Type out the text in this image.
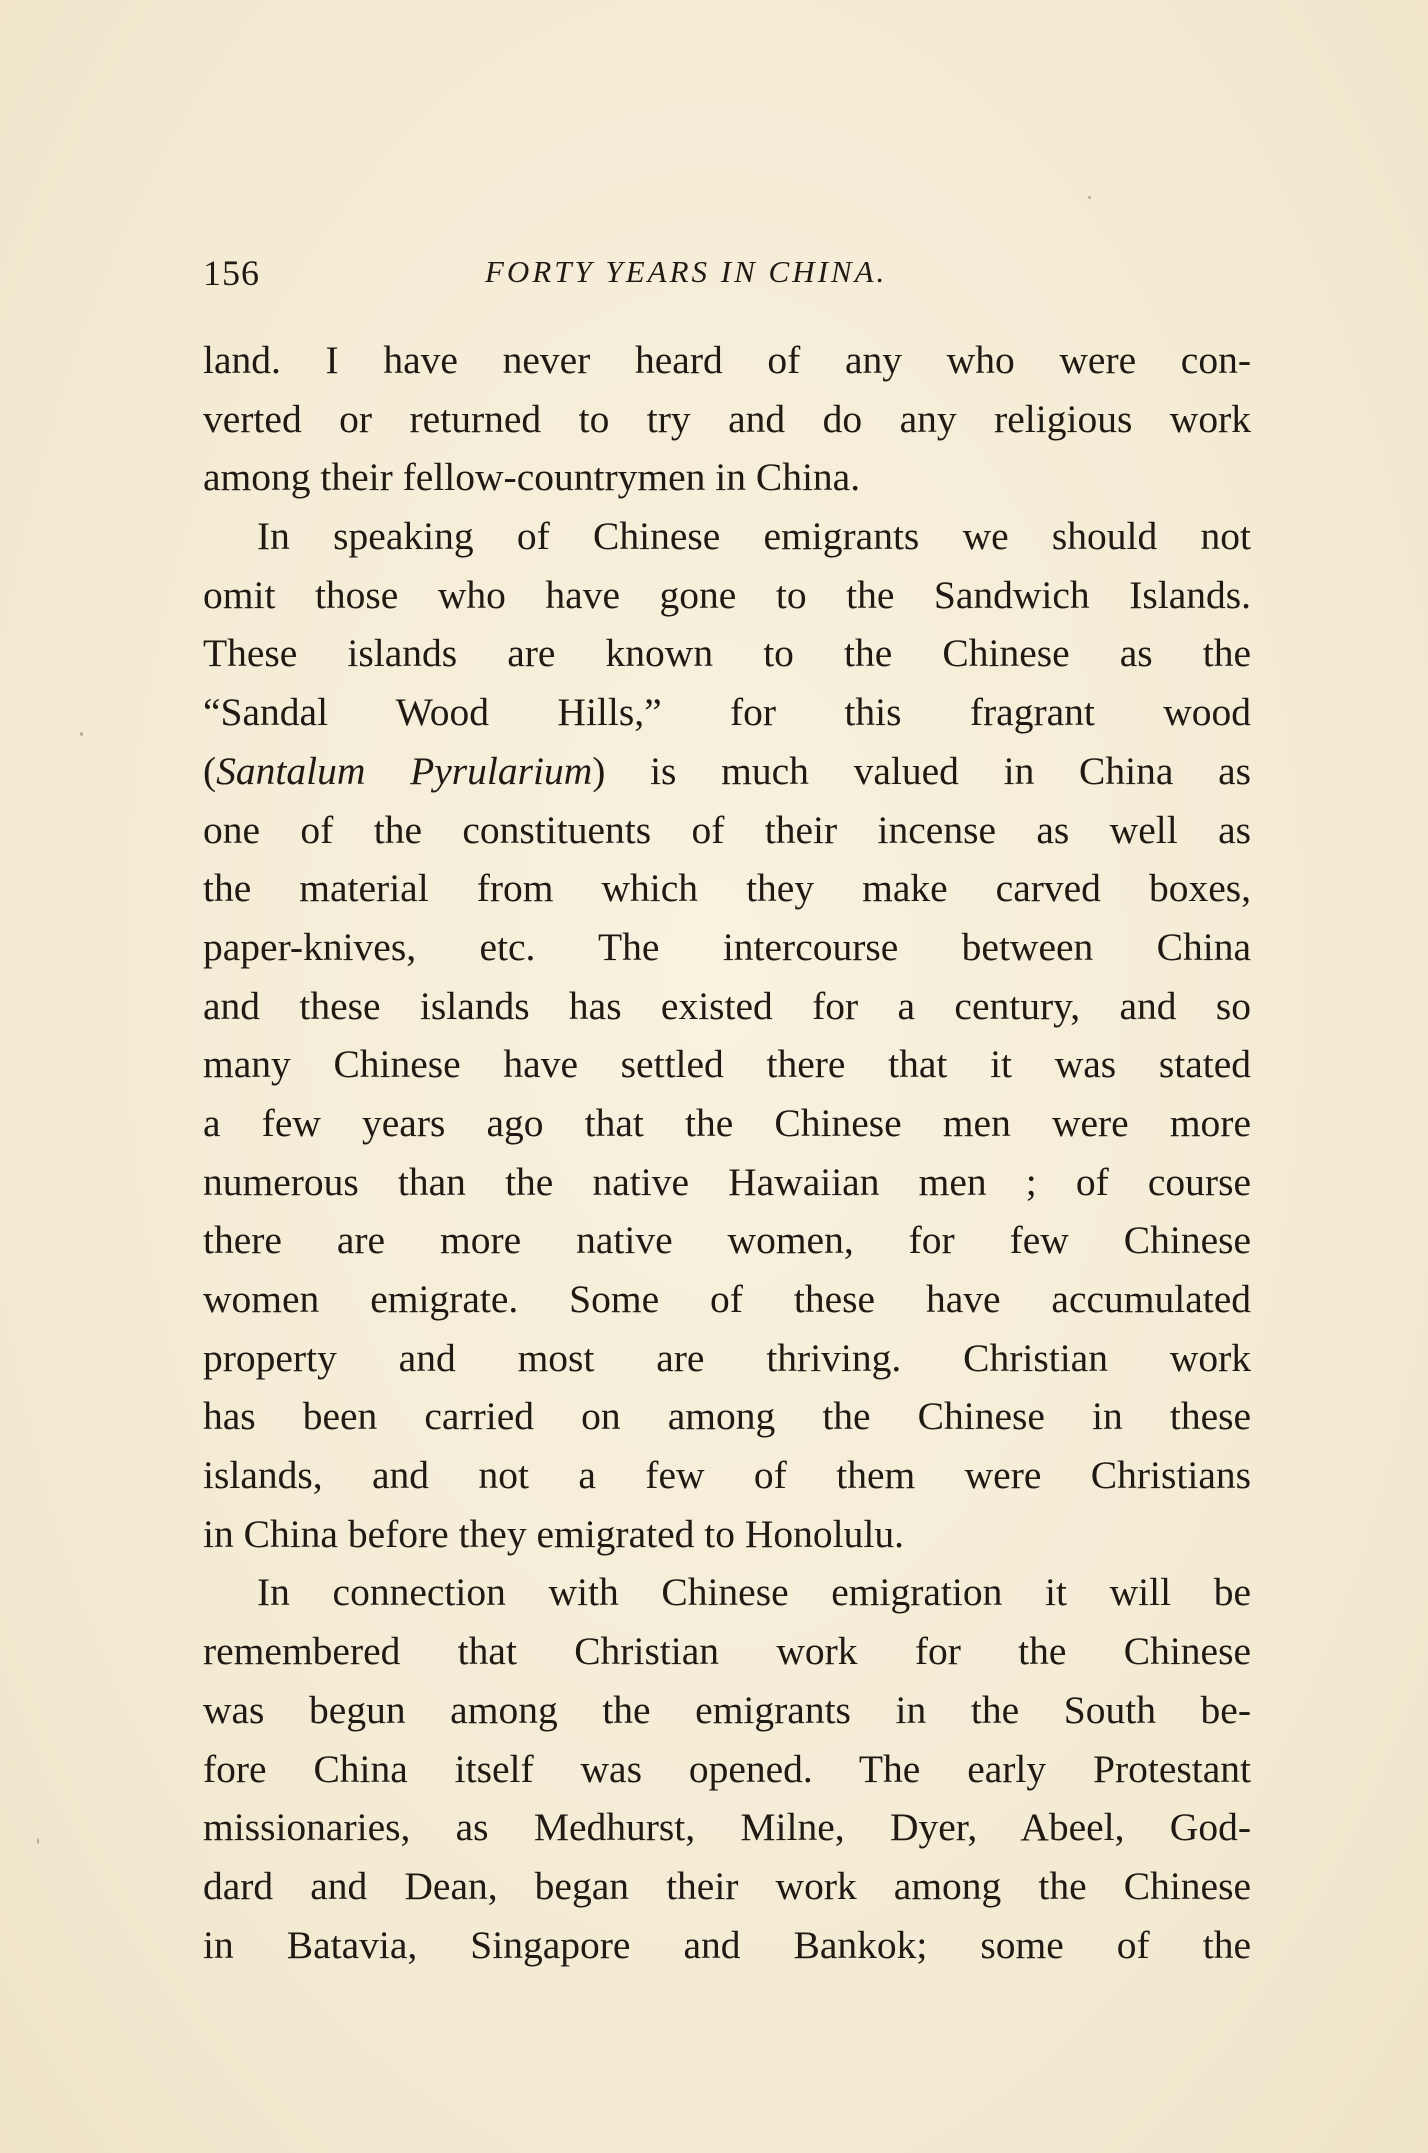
156	FORTY YEARS IN CHINA.
land. I have never heard of any who were con-
verted or returned to try and do any religious work
among their fellow-countrymen in China.
In speaking of Chinese emigrants we should not
omit those who have gone to the Sandwich Islands.
These islands are known to the Chinese as the
“Sandal Wood Hills,” for this fragrant wood
(Santalum Pyrularium) is much valued in China as
one of the constituents of their incense as well as
the material from which they make carved boxes,
paper-knives, etc. The intercourse between China
and these islands has existed for a century, and so
many Chinese have settled there that it was stated
a few years ago that the Chinese men were more
numerous than the native Hawaiian men ; of course
there are more native women, for few Chinese
women emigrate. Some of these have accumulated
property and most are thriving. Christian work
has been carried on among the Chinese in these
islands, and not a few of them were Christians
in China before they emigrated to Honolulu.
In connection with Chinese emigration it will be
remembered that Christian work for the Chinese
was begun among the emigrants in the South be-
fore China itself was opened. The early Protestant
missionaries, as Medhurst, Milne, Dyer, Abeel, God-
dard and Dean, began their work among the Chinese
in Batavia, Singapore and Bankok; some of the
